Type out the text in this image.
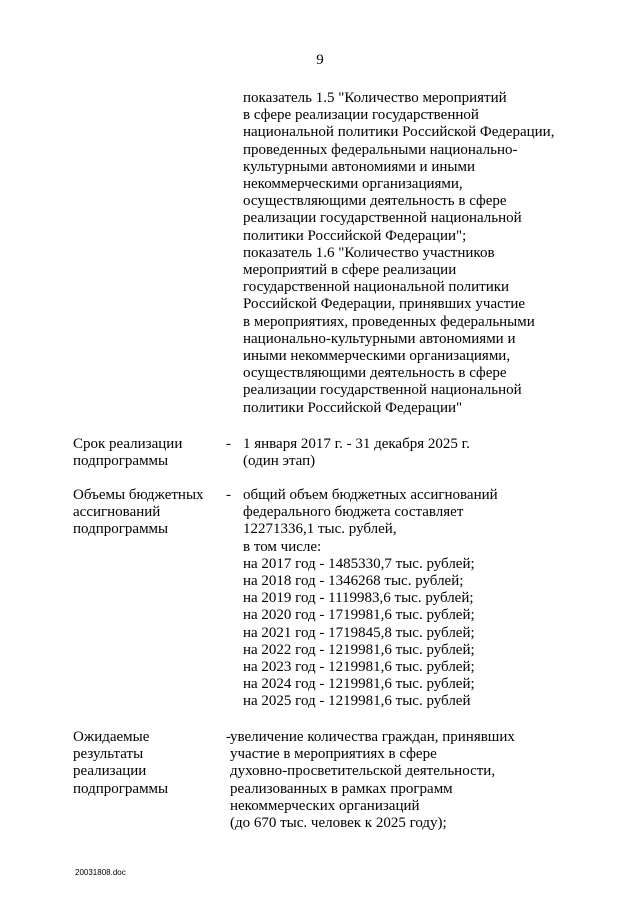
9
показатель 1.5 "Количество мероприятий
в сфере реализации государственной
национальной политики Российской Федерации,
проведенных федеральными национально-
культурными автономиями и иными
некоммерческими организациями,
осуществляющими деятельность в сфере
реализации государственной национальной
политики Российской Федерации";
показатель 1.6 "Количество участников
мероприятий в сфере реализации
государственной национальной политики
Российской Федерации, принявших участие
в мероприятиях, проведенных федеральными
национально-культурными автономиями и
иными некоммерческими организациями,
осуществляющими деятельность в сфере
реализации государственной национальной
политики Российской Федерации"
Срок реализации
подпрограммы
- 1 января 2017 г. - 31 декабря 2025 г.
(один этап)
Объемы бюджетных
ассигнований
подпрограммы
- общий объем бюджетных ассигнований
федерального бюджета составляет
12271336,1 тыс. рублей,
в том числе:
на 2017 год - 1485330,7 тыс. рублей;
на 2018 год - 1346268 тыс. рублей;
на 2019 год - 1119983,6 тыс. рублей;
на 2020 год - 1719981,6 тыс. рублей;
на 2021 год - 1719845,8 тыс. рублей;
на 2022 год - 1219981,6 тыс. рублей;
на 2023 год - 1219981,6 тыс. рублей;
на 2024 год - 1219981,6 тыс. рублей;
на 2025 год - 1219981,6 тыс. рублей
Ожидаемые
результаты
реализации
подпрограммы
- увеличение количества граждан, принявших
участие в мероприятиях в сфере
духовно-просветительской деятельности,
реализованных в рамках программ
некоммерческих организаций
(до 670 тыс. человек к 2025 году);
20031808.doc
